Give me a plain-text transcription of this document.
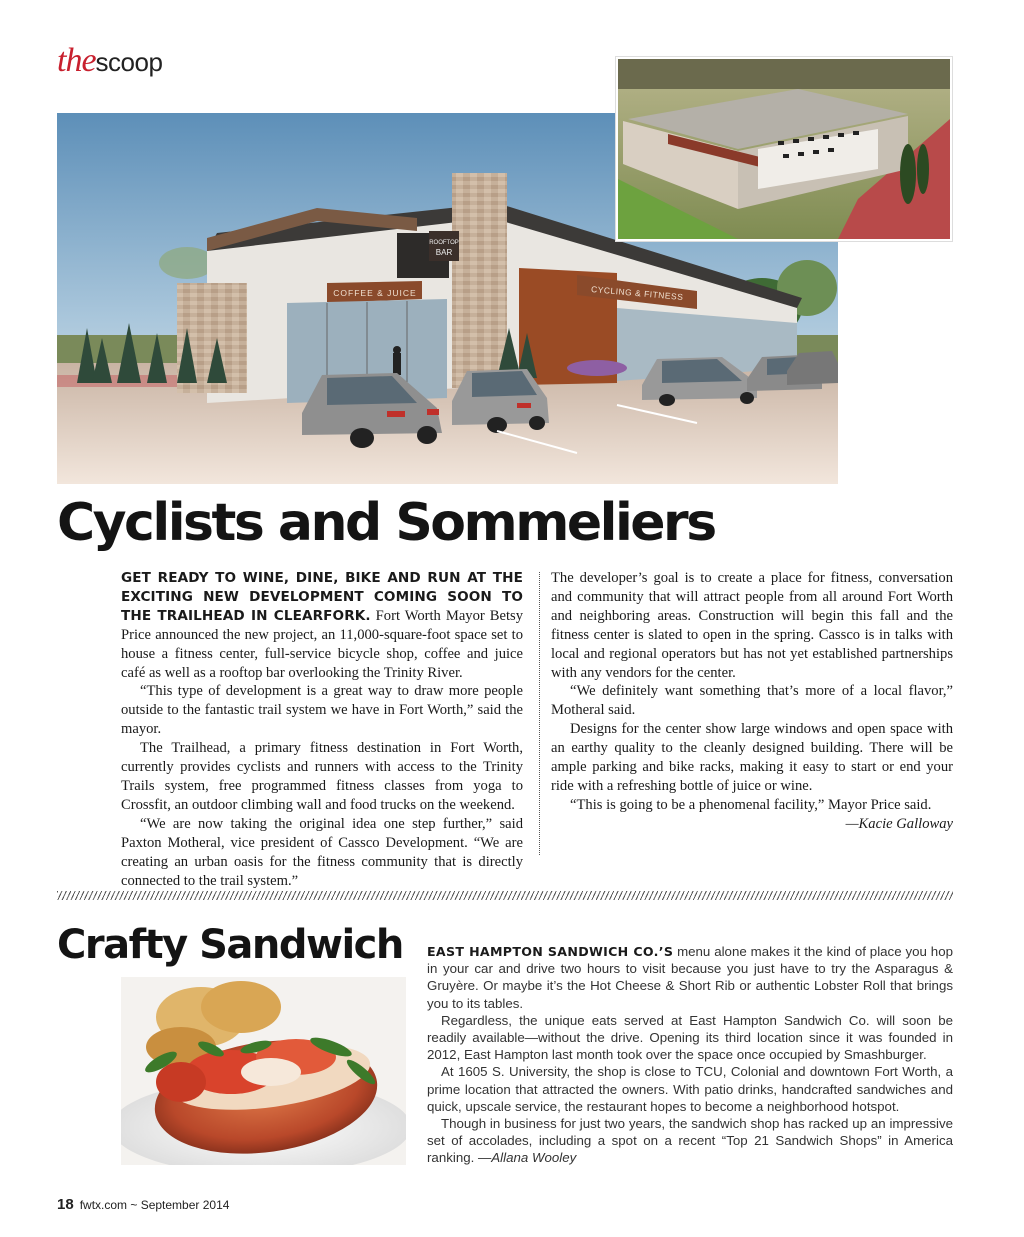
thescoop
ROOFTOP
BAR
COFFEE & JUICE	CYCLING & FITNESS
Cyclists and Sommeliers

GET READY TO WINE, DINE, BIKE AND RUN AT THE EXCITING NEW DEVELOPMENT COMING SOON TO THE TRAILHEAD IN CLEARFORK. Fort Worth Mayor Betsy Price announced the new project, an 11,000-square-foot space set to house a fitness center, full-service bicycle shop, coffee and juice café as well as a rooftop bar overlooking the Trinity River.

“This type of development is a great way to draw more people outside to the fantastic trail system we have in Fort Worth,” said the mayor.

The Trailhead, a primary fitness destination in Fort Worth, currently provides cyclists and runners with access to the Trinity Trails system, free programmed fitness classes from yoga to Crossfit, an outdoor climbing wall and food trucks on the weekend.

“We are now taking the original idea one step further,” said Paxton Motheral, vice president of Cassco Development. “We are creating an urban oasis for the fitness community that is directly connected to the trail system.”

The developer’s goal is to create a place for fitness, conversation and community that will attract people from all around Fort Worth and neighboring areas. Construction will begin this fall and the fitness center is slated to open in the spring. Cassco is in talks with local and regional operators but has not yet established partnerships with any vendors for the center.

“We definitely want something that’s more of a local flavor,” Motheral said.

Designs for the center show large windows and open space with an earthy quality to the cleanly designed building. There will be ample parking and bike racks, making it easy to start or end your ride with a refreshing bottle of juice or wine.

“This is going to be a phenomenal facility,” Mayor Price said.

—Kacie Galloway
Crafty Sandwich EAST HAMPTON SANDWICH CO.’S menu alone makes it the kind of place you hop in your car and drive two hours to visit because you just have to try the Asparagus & Gruyère. Or maybe it’s the Hot Cheese & Short Rib or authentic Lobster Roll that brings you to its tables.

Regardless, the unique eats served at East Hampton Sandwich Co. will soon be readily available—without the drive. Opening its third location since it was founded in 2012, East Hampton last month took over the space once occupied by Smashburger.

At 1605 S. University, the shop is close to TCU, Colonial and downtown Fort Worth, a prime location that attracted the owners. With patio drinks, handcrafted sandwiches and quick, upscale service, the restaurant hopes to become a neighborhood hotspot.

Though in business for just two years, the sandwich shop has racked up an impressive set of accolades, including a spot on a recent “Top 21 Sandwich Shops” in America ranking. —Allana Wooley

18 fwtx.com ~ September 2014
